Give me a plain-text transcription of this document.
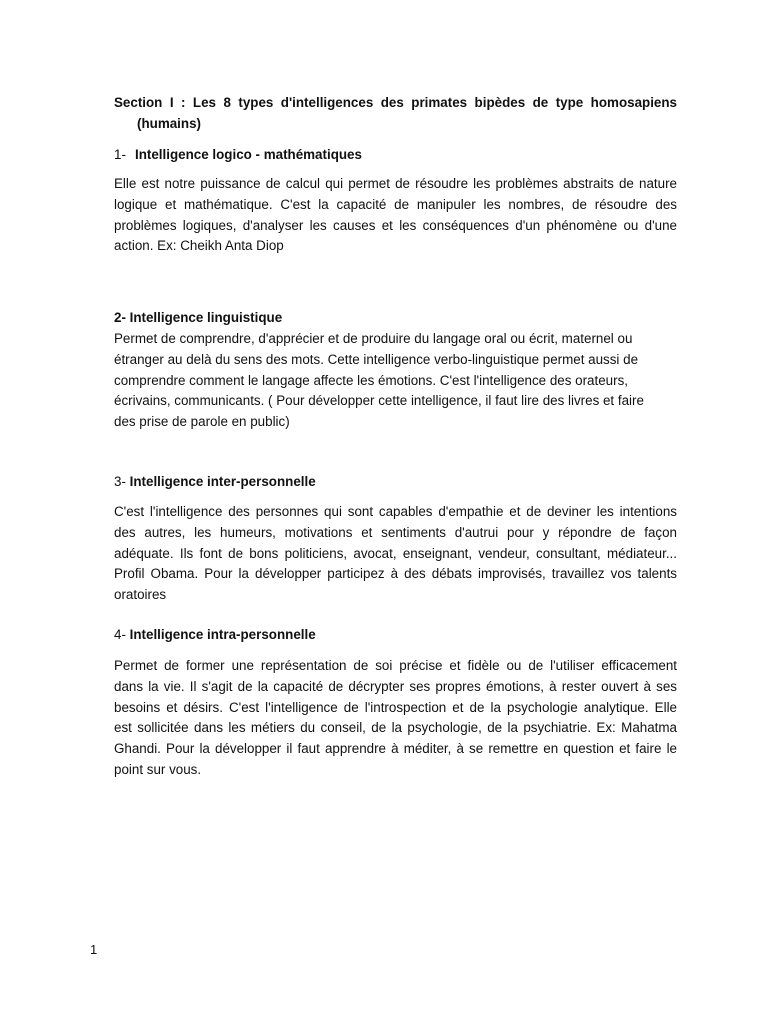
Section I : Les 8 types d'intelligences des primates bipèdes de type homosapiens
(humains)
1- Intelligence logico - mathématiques
Elle est notre puissance de calcul qui permet de résoudre les problèmes abstraits de nature
logique et mathématique. C'est la capacité de manipuler les nombres, de résoudre des
problèmes logiques, d'analyser les causes et les conséquences d'un phénomène ou d'une
action. Ex: Cheikh Anta Diop
2- Intelligence linguistique
Permet de comprendre, d'apprécier et de produire du langage oral ou écrit, maternel ou
étranger au delà du sens des mots. Cette intelligence verbo-linguistique permet aussi de
comprendre comment le langage affecte les émotions. C'est l'intelligence des orateurs,
écrivains, communicants. ( Pour développer cette intelligence, il faut lire des livres et faire
des prise de parole en public)
3- Intelligence inter-personnelle
C'est l'intelligence des personnes qui sont capables d'empathie et de deviner les intentions
des autres, les humeurs, motivations et sentiments d'autrui pour y répondre de façon
adéquate. Ils font de bons politiciens, avocat, enseignant, vendeur, consultant, médiateur...
Profil Obama. Pour la développer participez à des débats improvisés, travaillez vos talents
oratoires
4- Intelligence intra-personnelle
Permet de former une représentation de soi précise et fidèle ou de l'utiliser efficacement
dans la vie. Il s'agit de la capacité de décrypter ses propres émotions, à rester ouvert à ses
besoins et désirs. C'est l'intelligence de l'introspection et de la psychologie analytique. Elle
est sollicitée dans les métiers du conseil, de la psychologie, de la psychiatrie. Ex: Mahatma
Ghandi. Pour la développer il faut apprendre à méditer, à se remettre en question et faire le
point sur vous.
1
